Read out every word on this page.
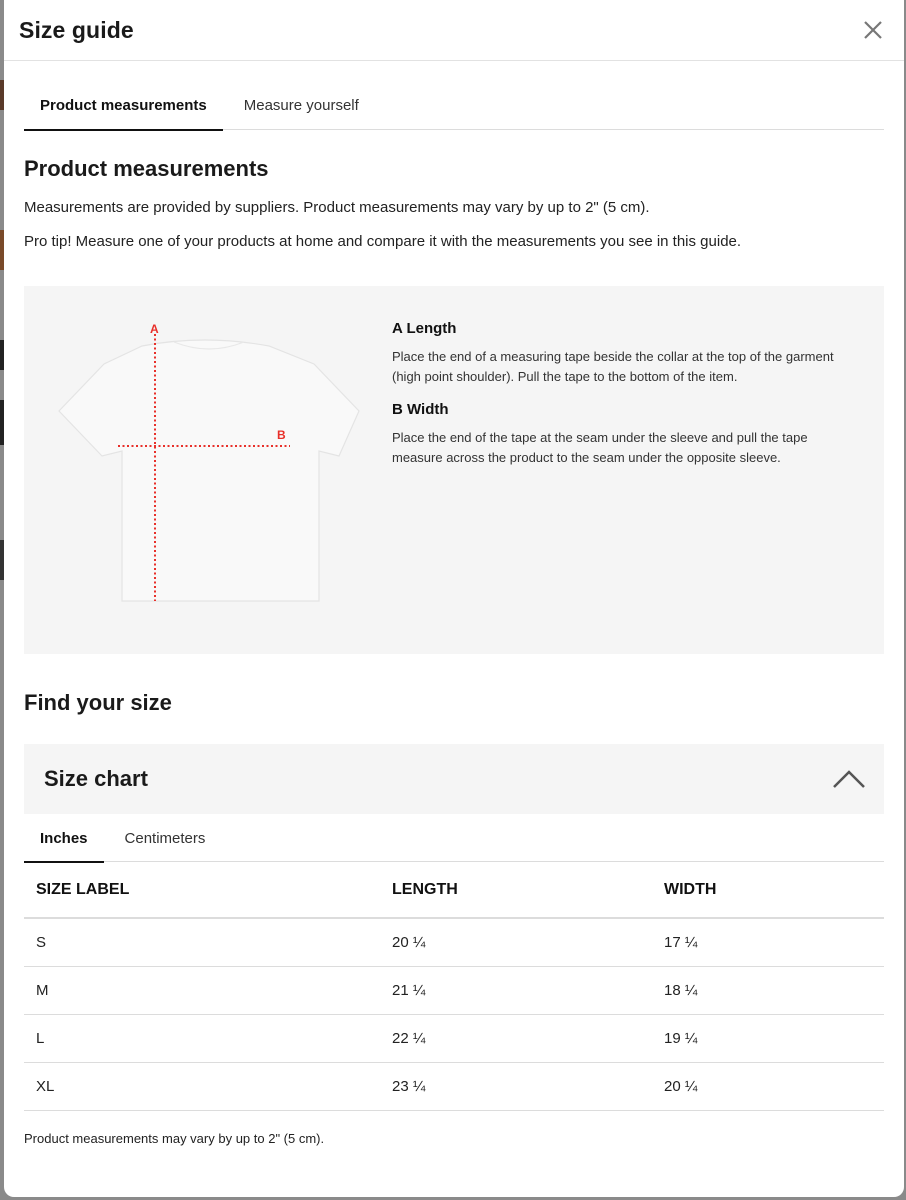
Size guide
Product measurements	Measure yourself
Product measurements

Measurements are provided by suppliers. Product measurements may vary by up to 2" (5 cm).

Pro tip! Measure one of your products at home and compare it with the measurements you see in this guide.

A
B
A Length
Place the end of a measuring tape beside the collar at the top of the garment (high point shoulder). Pull the tape to the bottom of the item.
B Width
Place the end of the tape at the seam under the sleeve and pull the tape measure across the product to the seam under the opposite sleeve.
Find your size
Size chart
Inches	Centimeters
SIZE LABEL	LENGTH	WIDTH
S	20 ¼	17 ¼
M	21 ¼	18 ¼
L	22 ¼	19 ¼
XL	23 ¼	20 ¼

Product measurements may vary by up to 2" (5 cm).
